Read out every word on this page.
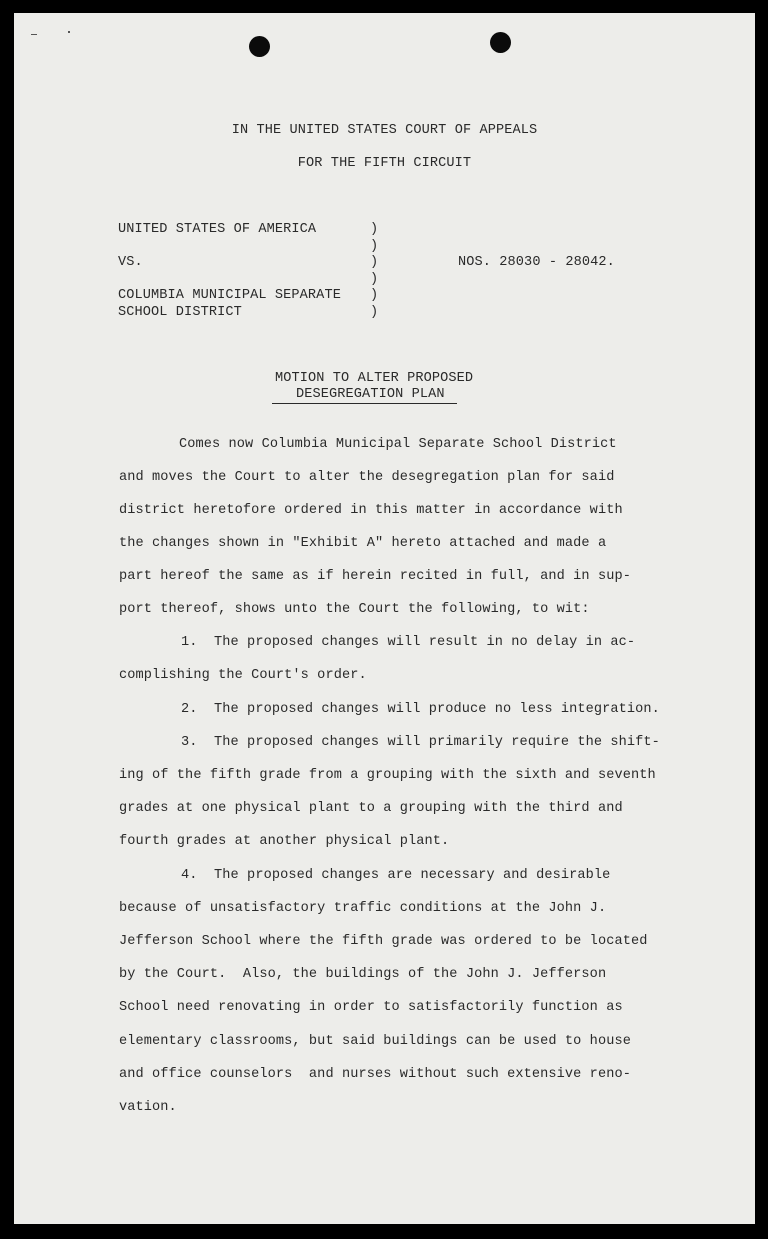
IN THE UNITED STATES COURT OF APPEALS
FOR THE FIFTH CIRCUIT
UNITED STATES OF AMERICA
VS.
COLUMBIA MUNICIPAL SEPARATE
SCHOOL DISTRICT
)
)
)
)
)
)
NOS. 28030 - 28042.
MOTION TO ALTER PROPOSED
DESEGREGATION PLAN
Comes now Columbia Municipal Separate School District
and moves the Court to alter the desegregation plan for said
district heretofore ordered in this matter in accordance with
the changes shown in "Exhibit A" hereto attached and made a
part hereof the same as if herein recited in full, and in sup-
port thereof, shows unto the Court the following, to wit:
1.  The proposed changes will result in no delay in ac-
complishing the Court's order.
2.  The proposed changes will produce no less integration.
3.  The proposed changes will primarily require the shift-
ing of the fifth grade from a grouping with the sixth and seventh
grades at one physical plant to a grouping with the third and
fourth grades at another physical plant.
4.  The proposed changes are necessary and desirable
because of unsatisfactory traffic conditions at the John J.
Jefferson School where the fifth grade was ordered to be located
by the Court.  Also, the buildings of the John J. Jefferson
School need renovating in order to satisfactorily function as
elementary classrooms, but said buildings can be used to house
and office counselors  and nurses without such extensive reno-
vation.
